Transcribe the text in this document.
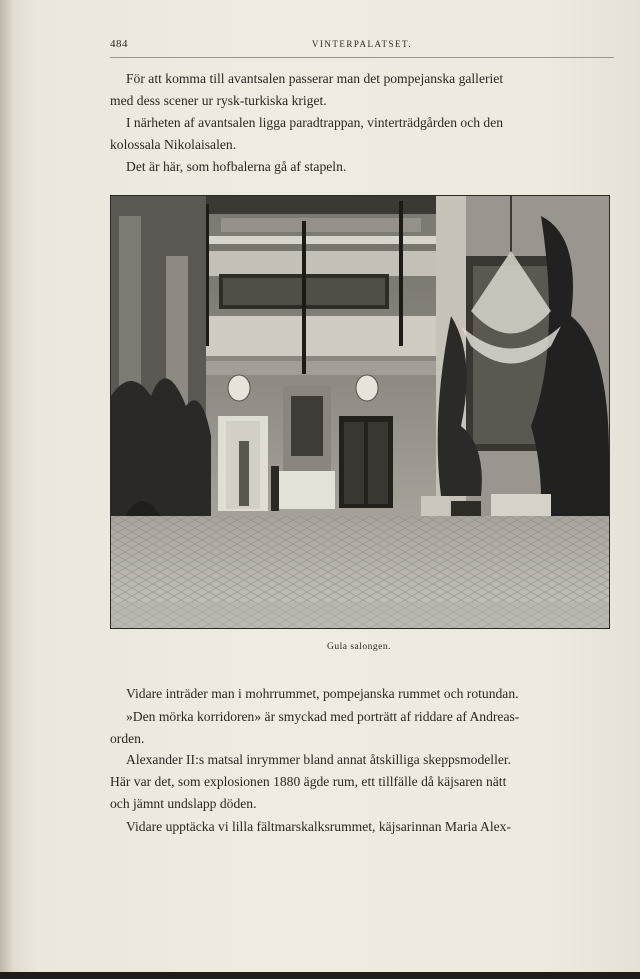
484	VINTERPALATSET.

För att komma till avantsalen passerar man det pompejanska galleriet
med dess scener ur rysk-turkiska kriget.

I närheten af avantsalen ligga paradtrappan, vinterträdgården och den
kolossala Nikolaisalen.

Det är här, som hofbalerna gå af stapeln.

Gula salongen.

Vidare inträder man i mohrrummet, pompejanska rummet och rotundan.

»Den mörka korridoren» är smyckad med porträtt af riddare af Andreas-
orden.

Alexander II:s matsal inrymmer bland annat åtskilliga skeppsmodeller.
Här var det, som explosionen 1880 ägde rum, ett tillfälle då käjsaren nätt
och jämnt undslapp döden.

Vidare upptäcka vi lilla fältmarskalksrummet, käjsarinnan Maria Alex-
